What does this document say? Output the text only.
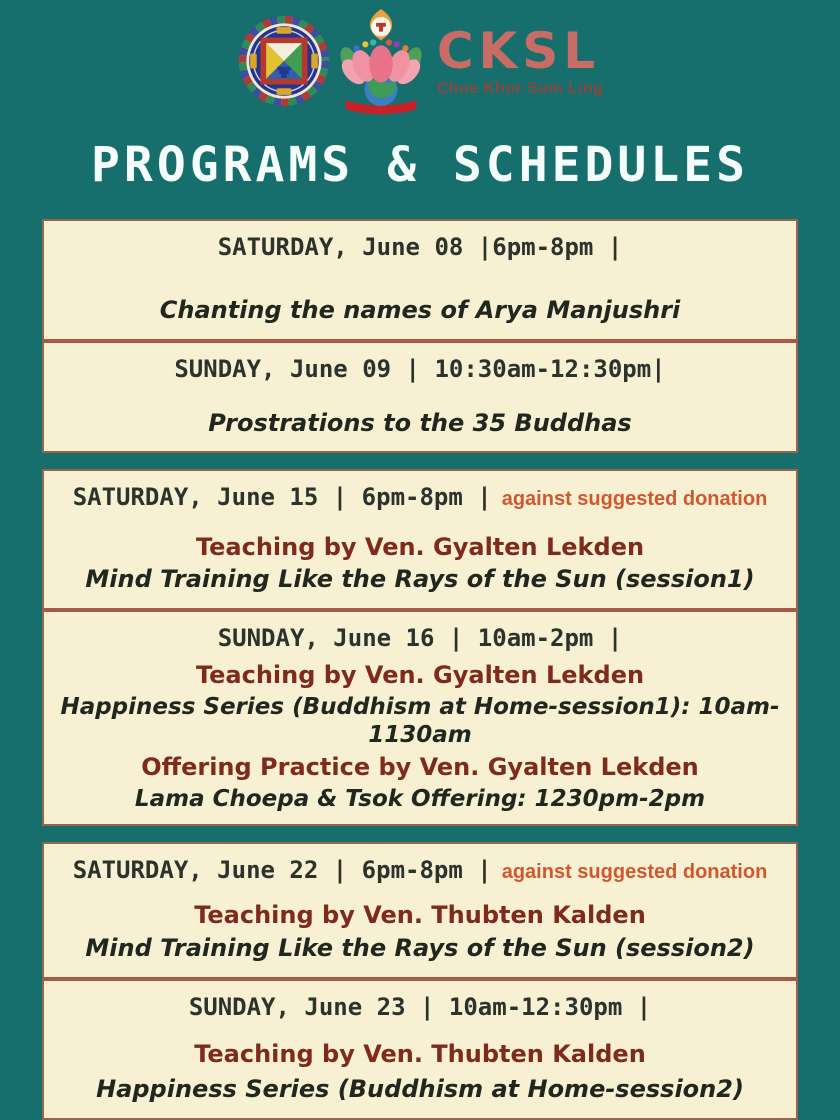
CKSL
Choe Khor Sum Ling
PROGRAMS & SCHEDULES
SATURDAY, June 08 |6pm-8pm |
Chanting the names of Arya Manjushri
SUNDAY, June 09 | 10:30am-12:30pm|
Prostrations to the 35 Buddhas
SATURDAY, June 15 | 6pm-8pm | against suggested donation
Teaching by Ven. Gyalten Lekden
Mind Training Like the Rays of the Sun (session1)
SUNDAY, June 16 | 10am-2pm |
Teaching by Ven. Gyalten Lekden
Happiness Series (Buddhism at Home-session1): 10am-1130am
Offering Practice by Ven. Gyalten Lekden
Lama Choepa & Tsok Offering: 1230pm-2pm
SATURDAY, June 22 | 6pm-8pm | against suggested donation
Teaching by Ven. Thubten Kalden
Mind Training Like the Rays of the Sun (session2)
SUNDAY, June 23 | 10am-12:30pm |
Teaching by Ven. Thubten Kalden
Happiness Series (Buddhism at Home-session2)
